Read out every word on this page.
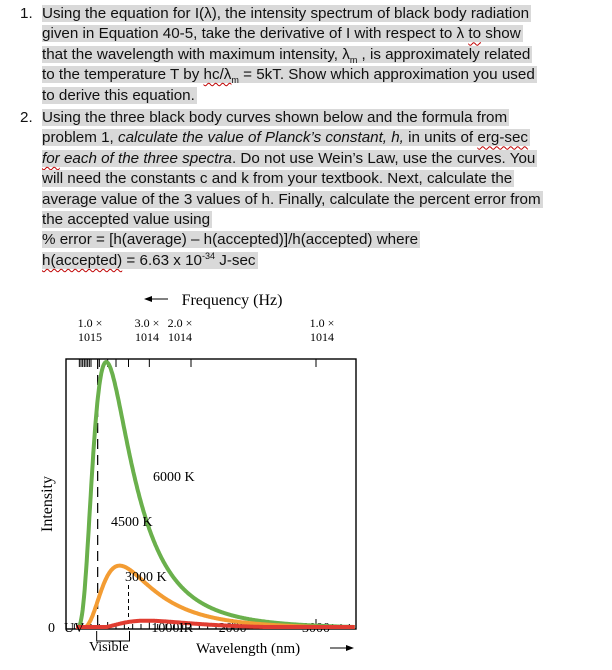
1. Using the equation for I(λ), the intensity spectrum of black body radiation
given in Equation 40-5, take the derivative of I with respect to λ to show
that the wavelength with maximum intensity, $\lambda_m$ , is approximately related
to the temperature T by $hc/\lambda_m = 5kT$. Show which approximation you used
to derive this equation.
2. Using the three black body curves shown below and the formula from
problem 1, calculate the value of Planck’s constant, h, in units of erg-sec
for each of the three spectra. Do not use Wein’s Law, use the curves. You
will need the constants c and k from your textbook. Next, calculate the
average value of the 3 values of h. Finally, calculate the percent error from
the accepted value using
% error = [h(average) – h(accepted)]/h(accepted) where
h(accepted) = 6.63 x $10^{-34}$ J-sec
Frequency (Hz)
1.0 ×
1015
3.0 ×
1014
2.0 ×
1014
1.0 ×
1014
1000	2000	3000
6000 K
4500 K
3000 K
0 UV
Visible
IR
Wavelength (nm)
Intensity
